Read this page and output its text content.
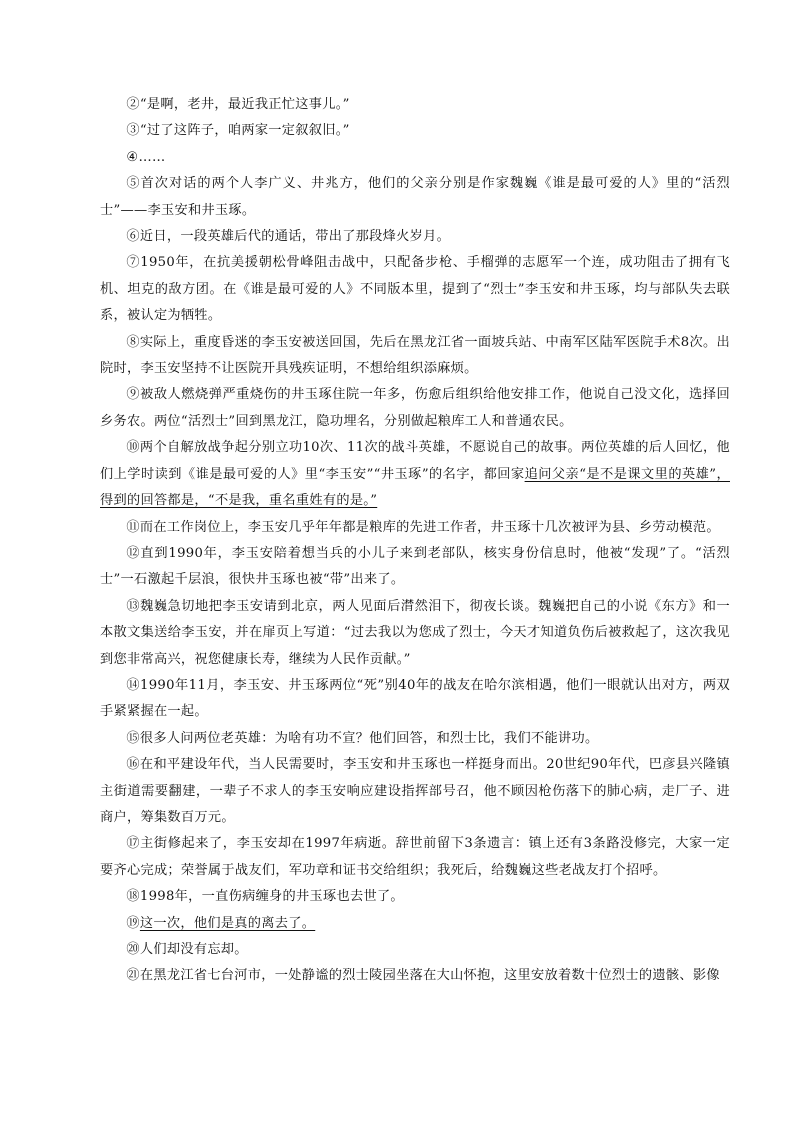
②“是啊，老井，最近我正忙这事儿。”

③“过了这阵子，咱两家一定叙叙旧。”

④……

⑤首次对话的两个人李广义、井兆方，他们的父亲分别是作家魏巍《谁是最可爱的人》里的“活烈士”——李玉安和井玉琢。

⑥近日，一段英雄后代的通话，带出了那段烽火岁月。

⑦1950年，在抗美援朝松骨峰阻击战中，只配备步枪、手榴弹的志愿军一个连，成功阻击了拥有飞机、坦克的敌方团。在《谁是最可爱的人》不同版本里，提到了“烈士”李玉安和井玉琢，均与部队失去联系，被认定为牺牲。

⑧实际上，重度昏迷的李玉安被送回国，先后在黑龙江省一面坡兵站、中南军区陆军医院手术8次。出院时，李玉安坚持不让医院开具残疾证明，不想给组织添麻烦。

⑨被敌人燃烧弹严重烧伤的井玉琢住院一年多，伤愈后组织给他安排工作，他说自己没文化，选择回乡务农。两位“活烈士”回到黑龙江，隐功埋名，分别做起粮库工人和普通农民。

⑩两个自解放战争起分别立功10次、11次的战斗英雄，不愿说自己的故事。两位英雄的后人回忆，他们上学时读到《谁是最可爱的人》里“李玉安”“井玉琢”的名字，都回家追问父亲“是不是课文里的英雄”，得到的回答都是，“不是我，重名重姓有的是。”

⑪而在工作岗位上，李玉安几乎年年都是粮库的先进工作者，井玉琢十几次被评为县、乡劳动模范。

⑫直到1990年，李玉安陪着想当兵的小儿子来到老部队，核实身份信息时，他被“发现”了。“活烈士”一石激起千层浪，很快井玉琢也被“带”出来了。

⑬魏巍急切地把李玉安请到北京，两人见面后潸然泪下，彻夜长谈。魏巍把自己的小说《东方》和一本散文集送给李玉安，并在扉页上写道：“过去我以为您成了烈士，今天才知道负伤后被救起了，这次我见到您非常高兴，祝您健康长寿，继续为人民作贡献。”

⑭1990年11月，李玉安、井玉琢两位“死”别40年的战友在哈尔滨相遇，他们一眼就认出对方，两双手紧紧握在一起。

⑮很多人问两位老英雄：为啥有功不宣？他们回答，和烈士比，我们不能讲功。

⑯在和平建设年代，当人民需要时，李玉安和井玉琢也一样挺身而出。20世纪90年代，巴彦县兴隆镇主街道需要翻建，一辈子不求人的李玉安响应建设指挥部号召，他不顾因枪伤落下的肺心病，走厂子、进商户，筹集数百万元。

⑰主街修起来了，李玉安却在1997年病逝。辞世前留下3条遗言：镇上还有3条路没修完，大家一定要齐心完成；荣誉属于战友们，军功章和证书交给组织；我死后，给魏巍这些老战友打个招呼。

⑱1998年，一直伤病缠身的井玉琢也去世了。

⑲这一次，他们是真的离去了。

⑳人们却没有忘却。

㉑在黑龙江省七台河市，一处静谧的烈士陵园坐落在大山怀抱，这里安放着数十位烈士的遗骸、影像
